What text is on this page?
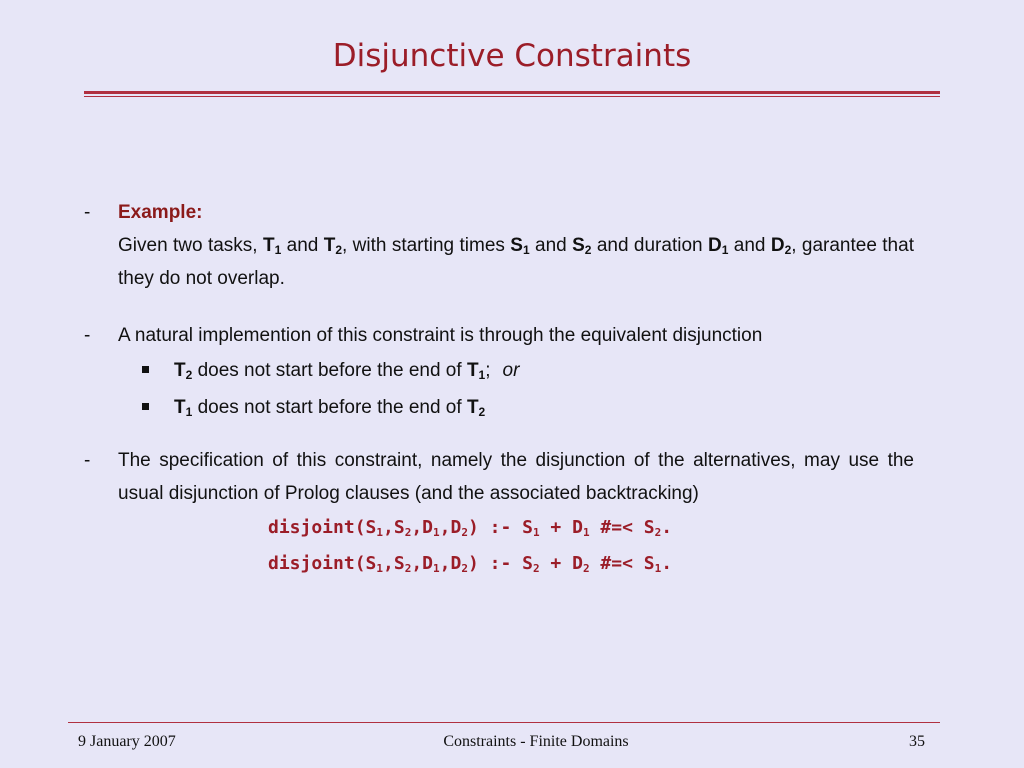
Disjunctive Constraints
-	Example:
Given two tasks, $T_1$ and $T_2$, with starting times $S_1$ and $S_2$ and duration $D_1$ and $D_2$, garantee that they do not overlap.
-	A natural implemention of this constraint is through the equivalent disjunction
$T_2$ does not start before the end of $T_1$; or
$T_1$ does not start before the end of $T_2$
-	The specification of this constraint, namely the disjunction of the alternatives, may use the usual disjunction of Prolog clauses (and the associated backtracking)
$disjoint(S_1,S_2,D_1,D_2)$ :- $S_1 + D_1$ #=< $S_2$.
$disjoint(S_1,S_2,D_1,D_2)$ :- $S_2 + D_2$ #=< $S_1$.
9 January 2007	Constraints - Finite Domains	35
